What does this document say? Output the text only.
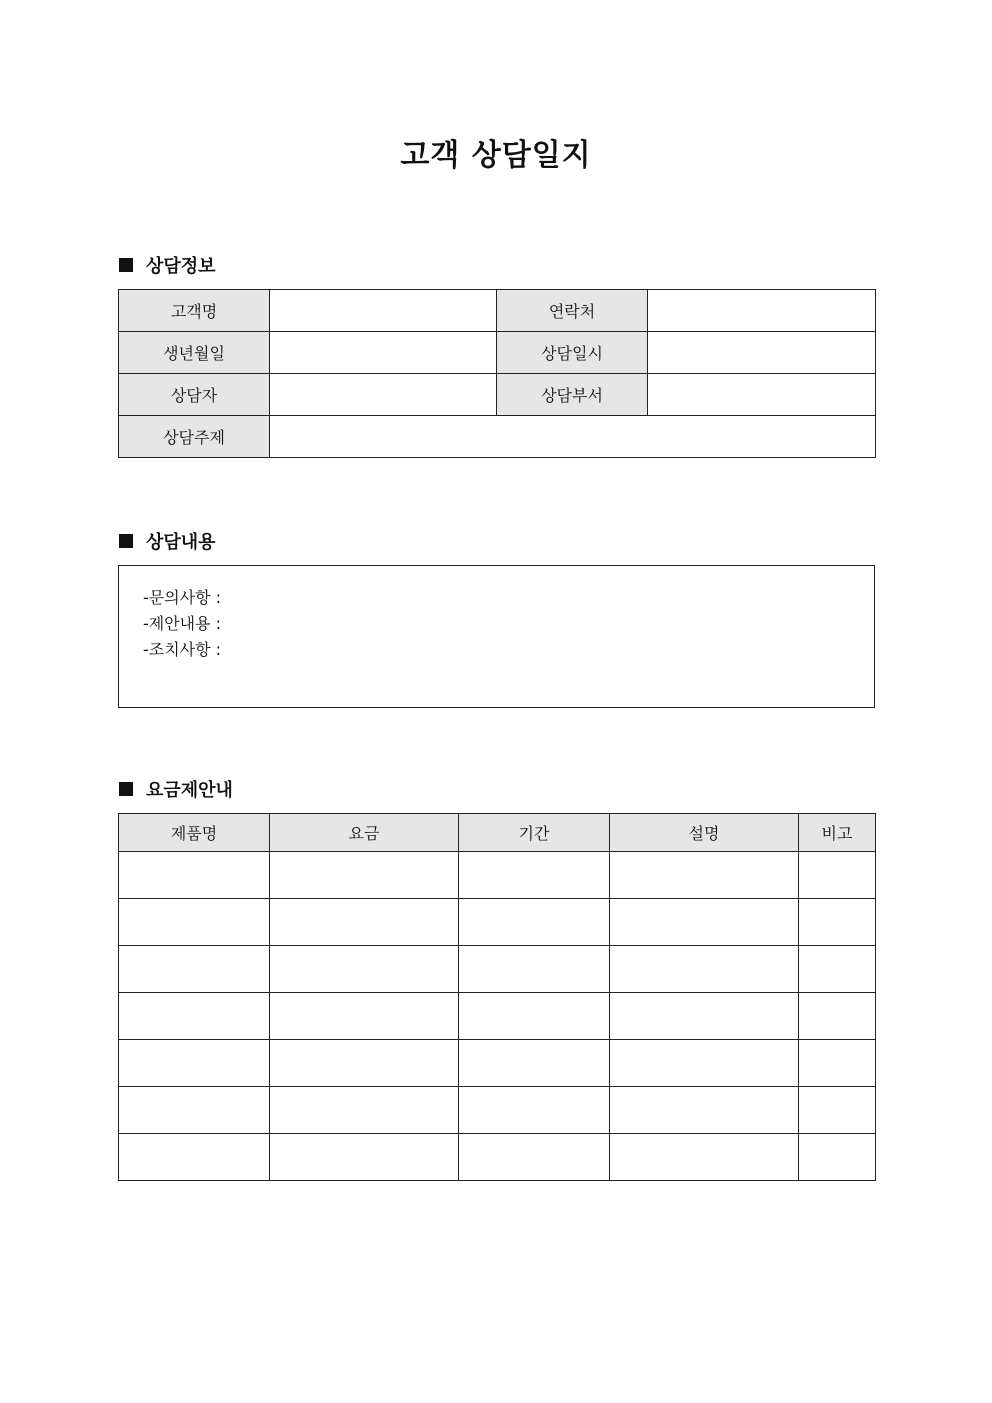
고객 상담일지
상담정보
고객명		연락처	
생년월일		상담일시	
상담자		상담부서	
상담주제			
상담내용
-문의사항 :
-제안내용 :
-조치사항 :
요금제안내
제품명	요금	기간	설명	비고
